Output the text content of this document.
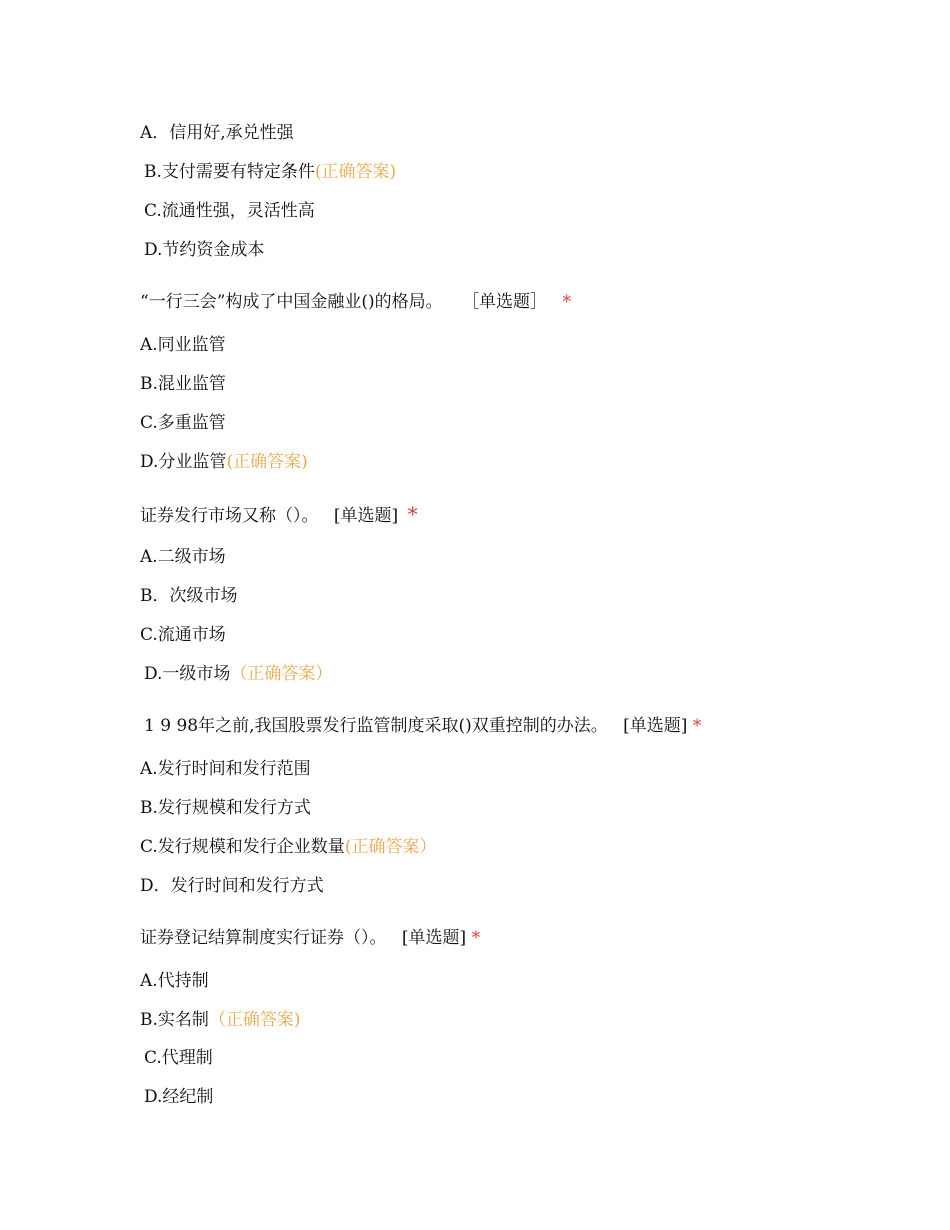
A．信用好,承兑性强
B.支付需要有特定条件(正确答案)
C.流通性强，灵活性高
D.节约资金成本
“一行三会”构成了中国金融业()的格局。 ［单选题］ *
A.同业监管
B.混业监管
C.多重监管
D.分业监管(正确答案)
证券发行市场又称（）。 [单选题] *
A.二级市场
B．次级市场
C.流通市场
D.一级市场（正确答案）
1 9 98年之前,我国股票发行监管制度采取()双重控制的办法。 [单选题] *
A.发行时间和发行范围
B.发行规模和发行方式
C.发行规模和发行企业数量(正确答案）
D．发行时间和发行方式
证券登记结算制度实行证券（）。 [单选题] *
A.代持制
B.实名制（正确答案)
C.代理制
D.经纪制
